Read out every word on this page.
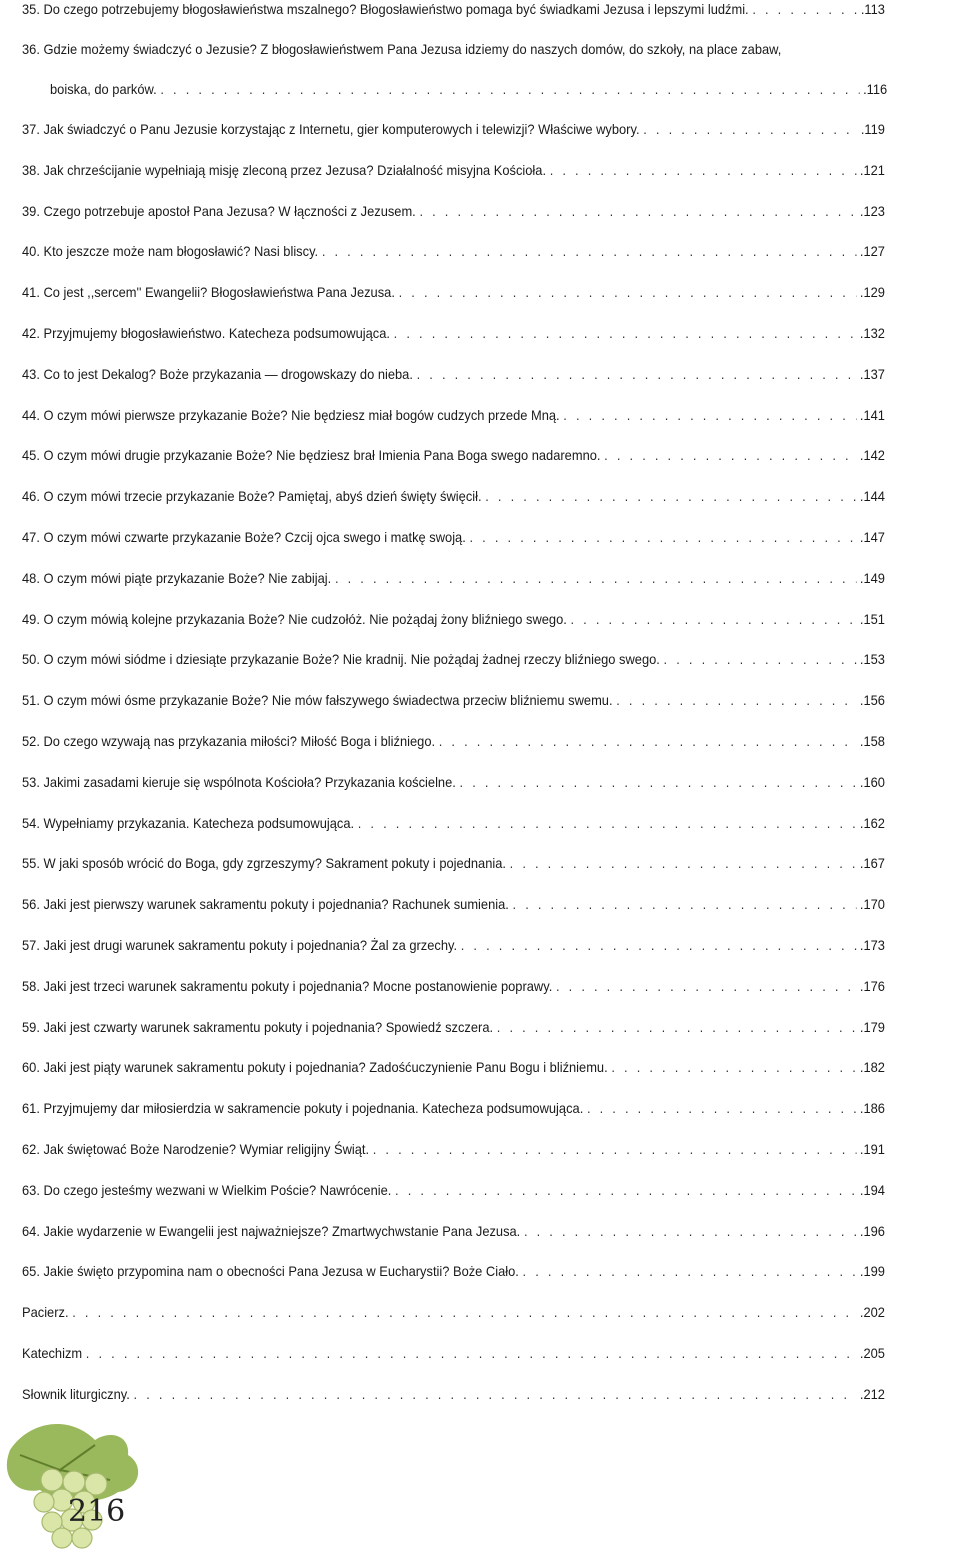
35. Do czego potrzebujemy błogosławieństwa mszalnego? Błogosławieństwo pomaga być świadkami Jezusa i lepszymi ludźmi. . . .	.113
36. Gdzie możemy świadczyć o Jezusie? Z błogosławieństwem Pana Jezusa idziemy do naszych domów, do szkoły, na place zabaw,
boiska, do parków. . . .	.116
37. Jak świadczyć o Panu Jezusie korzystając z Internetu, gier komputerowych i telewizji? Właściwe wybory. . . .	.119
38. Jak chrześcijanie wypełniają misję zleconą przez Jezusa? Działalność misyjna Kościoła. . . .	.121
39. Czego potrzebuje apostoł Pana Jezusa? W łączności z Jezusem. . . .	.123
40. Kto jeszcze może nam błogosławić? Nasi bliscy. . . .	.127
41. Co jest ,,sercem'' Ewangelii? Błogosławieństwa Pana Jezusa. . . .	.129
42. Przyjmujemy błogosławieństwo. Katecheza podsumowująca. . . .	.132
43. Co to jest Dekalog? Boże przykazania — drogowskazy do nieba. . . .	.137
44. O czym mówi pierwsze przykazanie Boże? Nie będziesz miał bogów cudzych przede Mną. . . .	.141
45. O czym mówi drugie przykazanie Boże? Nie będziesz brał Imienia Pana Boga swego nadaremno. . . .	.142
46. O czym mówi trzecie przykazanie Boże? Pamiętaj, abyś dzień święty święcił. . . .	.144
47. O czym mówi czwarte przykazanie Boże? Czcij ojca swego i matkę swoją. . . .	.147
48. O czym mówi piąte przykazanie Boże? Nie zabijaj. . . .	.149
49. O czym mówią kolejne przykazania Boże? Nie cudzołóż. Nie pożądaj żony bliźniego swego. . . .	.151
50. O czym mówi siódme i dziesiąte przykazanie Boże? Nie kradnij. Nie pożądaj żadnej rzeczy bliźniego swego. . . .	.153
51. O czym mówi ósme przykazanie Boże? Nie mów fałszywego świadectwa przeciw bliźniemu swemu. . . .	.156
52. Do czego wzywają nas przykazania miłości? Miłość Boga i bliźniego. . . .	.158
53. Jakimi zasadami kieruje się wspólnota Kościoła? Przykazania kościelne. . . .	.160
54. Wypełniamy przykazania. Katecheza podsumowująca. . . .	.162
55. W jaki sposób wrócić do Boga, gdy zgrzeszymy? Sakrament pokuty i pojednania. . . .	.167
56. Jaki jest pierwszy warunek sakramentu pokuty i pojednania? Rachunek sumienia. . . .	.170
57. Jaki jest drugi warunek sakramentu pokuty i pojednania? Żal za grzechy. . . .	.173
58. Jaki jest trzeci warunek sakramentu pokuty i pojednania? Mocne postanowienie poprawy. . . .	.176
59. Jaki jest czwarty warunek sakramentu pokuty i pojednania? Spowiedź szczera. . . .	.179
60. Jaki jest piąty warunek sakramentu pokuty i pojednania? Zadośćuczynienie Panu Bogu i bliźniemu. . . .	.182
61. Przyjmujemy dar miłosierdzia w sakramencie pokuty i pojednania. Katecheza podsumowująca. . . .	.186
62. Jak świętować Boże Narodzenie? Wymiar religijny Świąt. . . .	.191
63. Do czego jesteśmy wezwani w Wielkim Poście? Nawrócenie. . . .	.194
64. Jakie wydarzenie w Ewangelii jest najważniejsze? Zmartwychwstanie Pana Jezusa. . . .	.196
65. Jakie święto przypomina nam o obecności Pana Jezusa w Eucharystii? Boże Ciało. . . .	.199
Pacierz. . . .	.202
Katechizm . . .	.205
Słownik liturgiczny. . . .	.212
216
